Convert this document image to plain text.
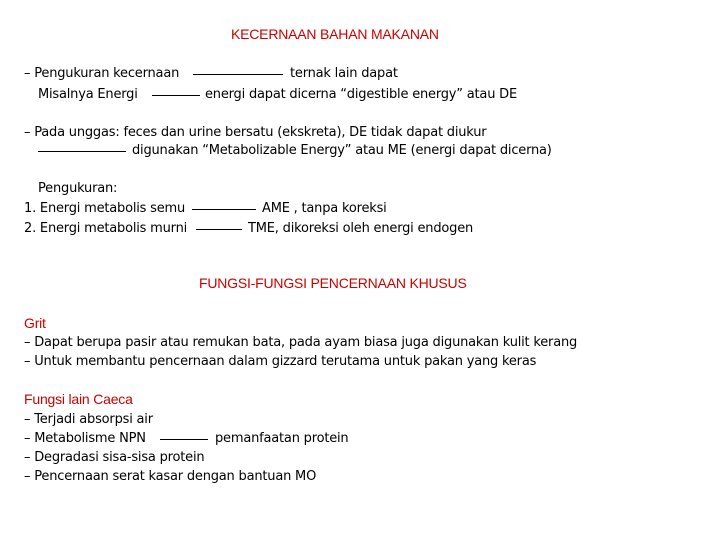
KECERNAAN BAHAN MAKANAN
– Pengukuran kecernaan	ternak lain dapat
Misalnya Energi	energi dapat dicerna “digestible energy” atau DE
– Pada unggas: feces dan urine bersatu (ekskreta), DE tidak dapat diukur
digunakan “Metabolizable Energy” atau ME (energi dapat dicerna)
Pengukuran:
1. Energi metabolis semu	AME , tanpa koreksi
2. Energi metabolis murni	TME, dikoreksi oleh energi endogen
FUNGSI-FUNGSI PENCERNAAN KHUSUS
Grit
– Dapat berupa pasir atau remukan bata, pada ayam biasa juga digunakan kulit kerang
– Untuk membantu pencernaan dalam gizzard terutama untuk pakan yang keras
Fungsi lain Caeca
– Terjadi absorpsi air
– Metabolisme NPN	pemanfaatan protein
– Degradasi sisa-sisa protein
– Pencernaan serat kasar dengan bantuan MO
